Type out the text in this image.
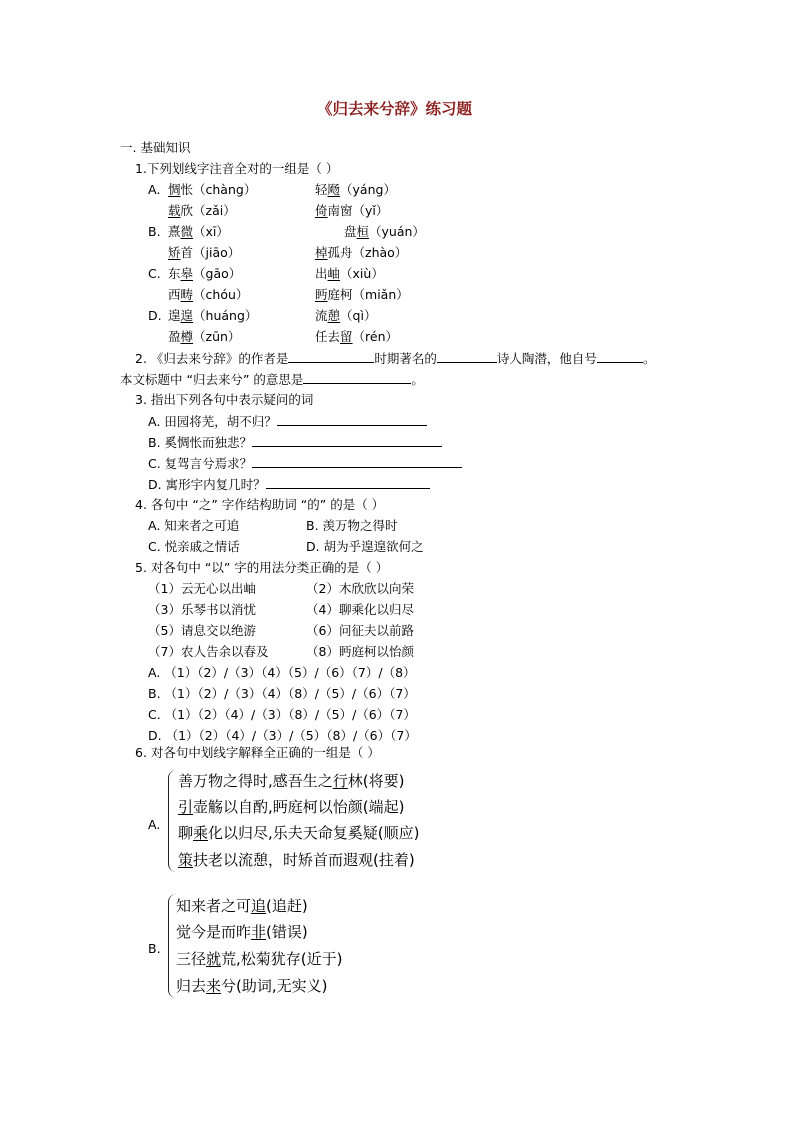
《归去来兮辞》练习题
一. 基础知识
1.下列划线字注音全对的一组是（ ）
A. 惆怅（chàng）	轻飏（yáng）
载欣（zǎi）	倚南窗（yǐ）
B. 熹微（xī）	盘桓（yuán）
矫首（jiāo）	棹孤舟（zhào）
C. 东皋（gāo）	出岫（xiù）
西畴（chóu）	眄庭柯（miǎn）
D. 遑遑（huáng）	流憩（qì）
盈樽（zūn）	任去留（rén）
2. 《归去来兮辞》的作者是	时期著名的	诗人陶潜，他自号	。
本文标题中 “归去来兮” 的意思是	。
3. 指出下列各句中表示疑问的词
A. 田园将芜，胡不归？
B. 奚惆怅而独悲？
C. 复驾言兮焉求？
D. 寓形宇内复几时？
4. 各句中 “之” 字作结构助词 “的” 的是（ ）
A. 知来者之可追	B. 羡万物之得时
C. 悦亲戚之情话	D. 胡为乎遑遑欲何之
5. 对各句中 “以” 字的用法分类正确的是（ ）
（1）云无心以出岫	（2）木欣欣以向荣
（3）乐琴书以消忧	（4）聊乘化以归尽
（5）请息交以绝游	（6）问征夫以前路
（7）农人告余以春及	（8）眄庭柯以怡颜
A. （1）（2）/（3）（4）（5）/（6）（7）/（8）
B. （1）（2）/（3）（4）（8）/（5）/（6）（7）
C. （1）（2）（4）/（3）（8）/（5）/（6）（7）
D. （1）（2）（4）/（3）/（5）（8）/（6）（7）
6. 对各句中划线字解释全正确的一组是（ ）
A.
善万物之得时,感吾生之行林(将要)
引壶觞以自酌,眄庭柯以怡颜(端起)
聊乘化以归尽,乐夫天命复奚疑(顺应)
策扶老以流憩，时矫首而遐观(拄着)
B.
知来者之可追(追赶)
觉今是而昨非(错误)
三径就荒,松菊犹存(近于)
归去来兮(助词,无实义)
